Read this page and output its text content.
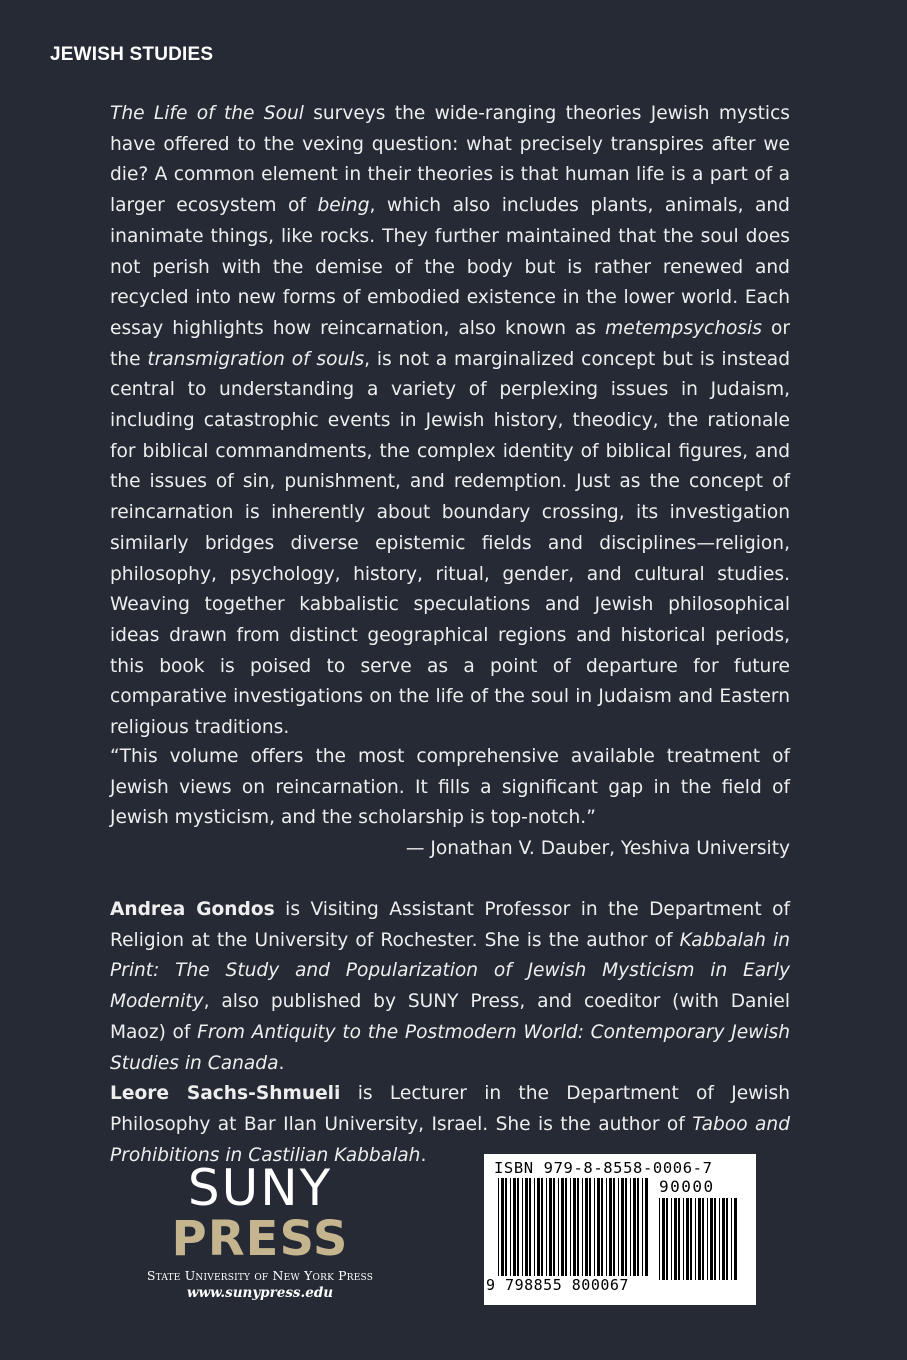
JEWISH STUDIES
The Life of the Soul surveys the wide-ranging theories Jewish mystics have offered to the vexing question: what precisely transpires after we die? A common element in their theories is that human life is a part of a larger ecosystem of being, which also includes plants, animals, and inanimate things, like rocks. They further maintained that the soul does not perish with the demise of the body but is rather renewed and recycled into new forms of embodied existence in the lower world. Each essay highlights how reincarnation, also known as metempsychosis or the transmigration of souls, is not a marginalized concept but is instead central to understanding a variety of perplexing issues in Judaism, including catastrophic events in Jewish history, theodicy, the rationale for biblical commandments, the complex identity of biblical figures, and the issues of sin, punishment, and redemption. Just as the concept of reincarnation is inherently about boundary crossing, its investigation similarly bridges diverse epistemic fields and disciplines—religion, philosophy, psychology, history, ritual, gender, and cultural studies. Weaving together kabbalistic speculations and Jewish philosophical ideas drawn from distinct geographical regions and historical periods, this book is poised to serve as a point of departure for future comparative investigations on the life of the soul in Judaism and Eastern religious traditions.
“This volume offers the most comprehensive available treatment of Jewish views on reincarnation. It fills a significant gap in the field of Jewish mysticism, and the scholarship is top-notch.”
— Jonathan V. Dauber, Yeshiva University
Andrea Gondos is Visiting Assistant Professor in the Department of Religion at the University of Rochester. She is the author of Kabbalah in Print: The Study and Popularization of Jewish Mysticism in Early Modernity, also published by SUNY Press, and coeditor (with Daniel Maoz) of From Antiquity to the Postmodern World: Contemporary Jewish Studies in Canada.
Leore Sachs-Shmueli is Lecturer in the Department of Jewish Philosophy at Bar Ilan University, Israel. She is the author of Taboo and Prohibitions in Castilian Kabbalah.
SUNY
PRESS
State University of New York Press
www.sunypress.edu
ISBN 979-8-8558-0006-7
90000
9 798855 800067
